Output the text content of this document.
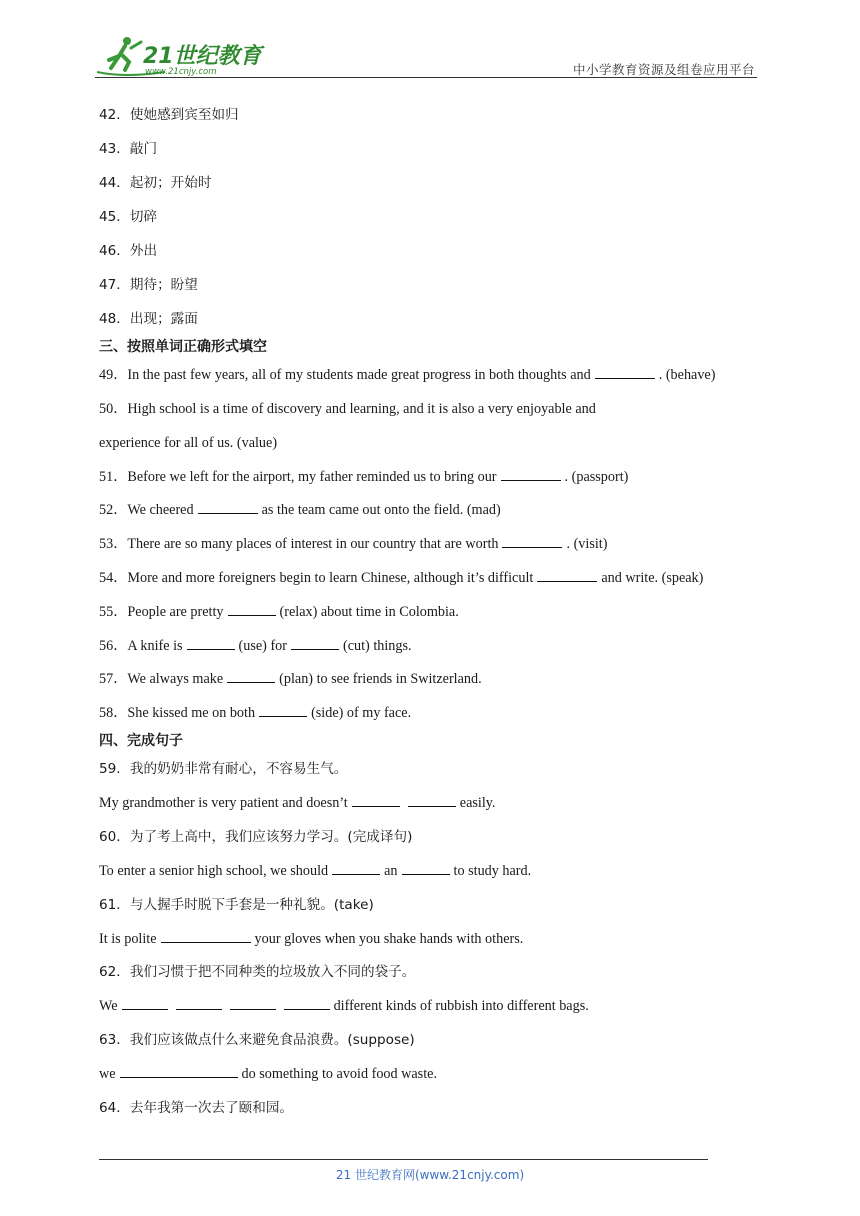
21世纪教育
www.21cnjy.com	中小学教育资源及组卷应用平台
42．使她感到宾至如归
43．敲门
44．起初；开始时
45．切碎
46．外出
47．期待；盼望
48．出现；露面
三、按照单词正确形式填空
49．In the past few years, all of my students made great progress in both thoughts and	. (behave)
50．High school is a time of discovery and learning, and it is also a very enjoyable and
experience for all of us. (value)
51．Before we left for the airport, my father reminded us to bring our	. (passport)
52．We cheered	as the team came out onto the field. (mad)
53．There are so many places of interest in our country that are worth	. (visit)
54．More and more foreigners begin to learn Chinese, although it’s difficult	and write. (speak)
55．People are pretty	(relax) about time in Colombia.
56．A knife is	(use) for	(cut) things.
57．We always make	(plan) to see friends in Switzerland.
58．She kissed me on both	(side) of my face.
四、完成句子
59．我的奶奶非常有耐心，不容易生气。
My grandmother is very patient and doesn’t	easily.
60．为了考上高中，我们应该努力学习。(完成译句)
To enter a senior high school, we should	an	to study hard.
61．与人握手时脱下手套是一种礼貌。(take)
It is polite	your gloves when you shake hands with others.
62．我们习惯于把不同种类的垃圾放入不同的袋子。
We	different kinds of rubbish into different bags.
63．我们应该做点什么来避免食品浪费。(suppose)
we	do something to avoid food waste.
64．去年我第一次去了颐和园。
21 世纪教育网(www.21cnjy.com)
